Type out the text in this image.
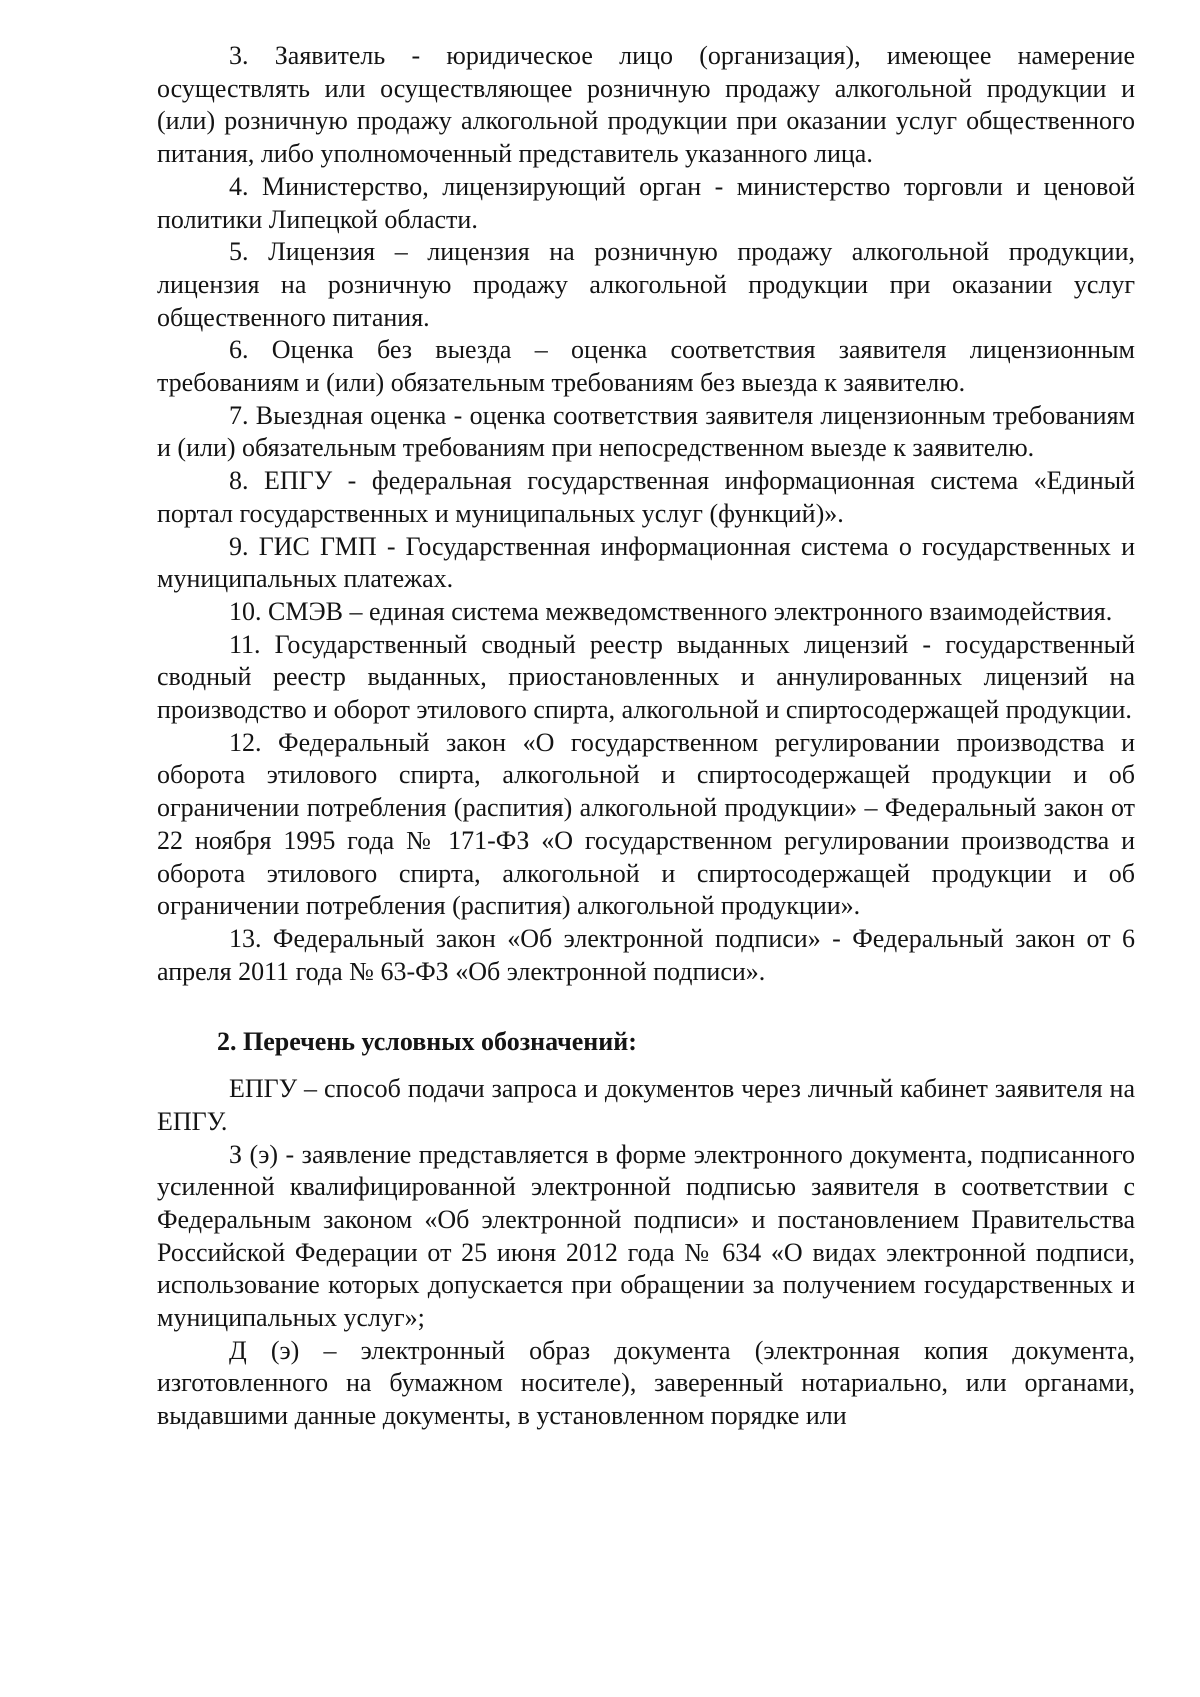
3. Заявитель - юридическое лицо (организация), имеющее намерение осуществлять или осуществляющее розничную продажу алкогольной продукции и (или) розничную продажу алкогольной продукции при оказании услуг общественного питания, либо уполномоченный представитель указанного лица.

4. Министерство, лицензирующий орган - министерство торговли и ценовой политики Липецкой области.

5. Лицензия – лицензия на розничную продажу алкогольной продукции, лицензия на розничную продажу алкогольной продукции при оказании услуг общественного питания.

6. Оценка без выезда – оценка соответствия заявителя лицензионным требованиям и (или) обязательным требованиям без выезда к заявителю.

7. Выездная оценка - оценка соответствия заявителя лицензионным требованиям и (или) обязательным требованиям при непосредственном выезде к заявителю.

8. ЕПГУ - федеральная государственная информационная система «Единый портал государственных и муниципальных услуг (функций)».

9. ГИС ГМП - Государственная информационная система о государственных и муниципальных платежах.

10. СМЭВ – единая система межведомственного электронного взаимодействия.

11. Государственный сводный реестр выданных лицензий - государственный сводный реестр выданных, приостановленных и аннулированных лицензий на производство и оборот этилового спирта, алкогольной и спиртосодержащей продукции.

12. Федеральный закон «О государственном регулировании производства и оборота этилового спирта, алкогольной и спиртосодержащей продукции и об ограничении потребления (распития) алкогольной продукции» – Федеральный закон от 22 ноября 1995 года № 171-ФЗ «О государственном регулировании производства и оборота этилового спирта, алкогольной и спиртосодержащей продукции и об ограничении потребления (распития) алкогольной продукции».

13. Федеральный закон «Об электронной подписи» - Федеральный закон от 6 апреля 2011 года № 63-ФЗ «Об электронной подписи».

2. Перечень условных обозначений:

ЕПГУ – способ подачи запроса и документов через личный кабинет заявителя на ЕПГУ.

З (э) - заявление представляется в форме электронного документа, подписанного усиленной квалифицированной электронной подписью заявителя в соответствии с Федеральным законом «Об электронной подписи» и постановлением Правительства Российской Федерации от 25 июня 2012 года № 634 «О видах электронной подписи, использование которых допускается при обращении за получением государственных и муниципальных услуг»;

Д (э) – электронный образ документа (электронная копия документа, изготовленного на бумажном носителе), заверенный нотариально, или органами, выдавшими данные документы, в установленном порядке или
